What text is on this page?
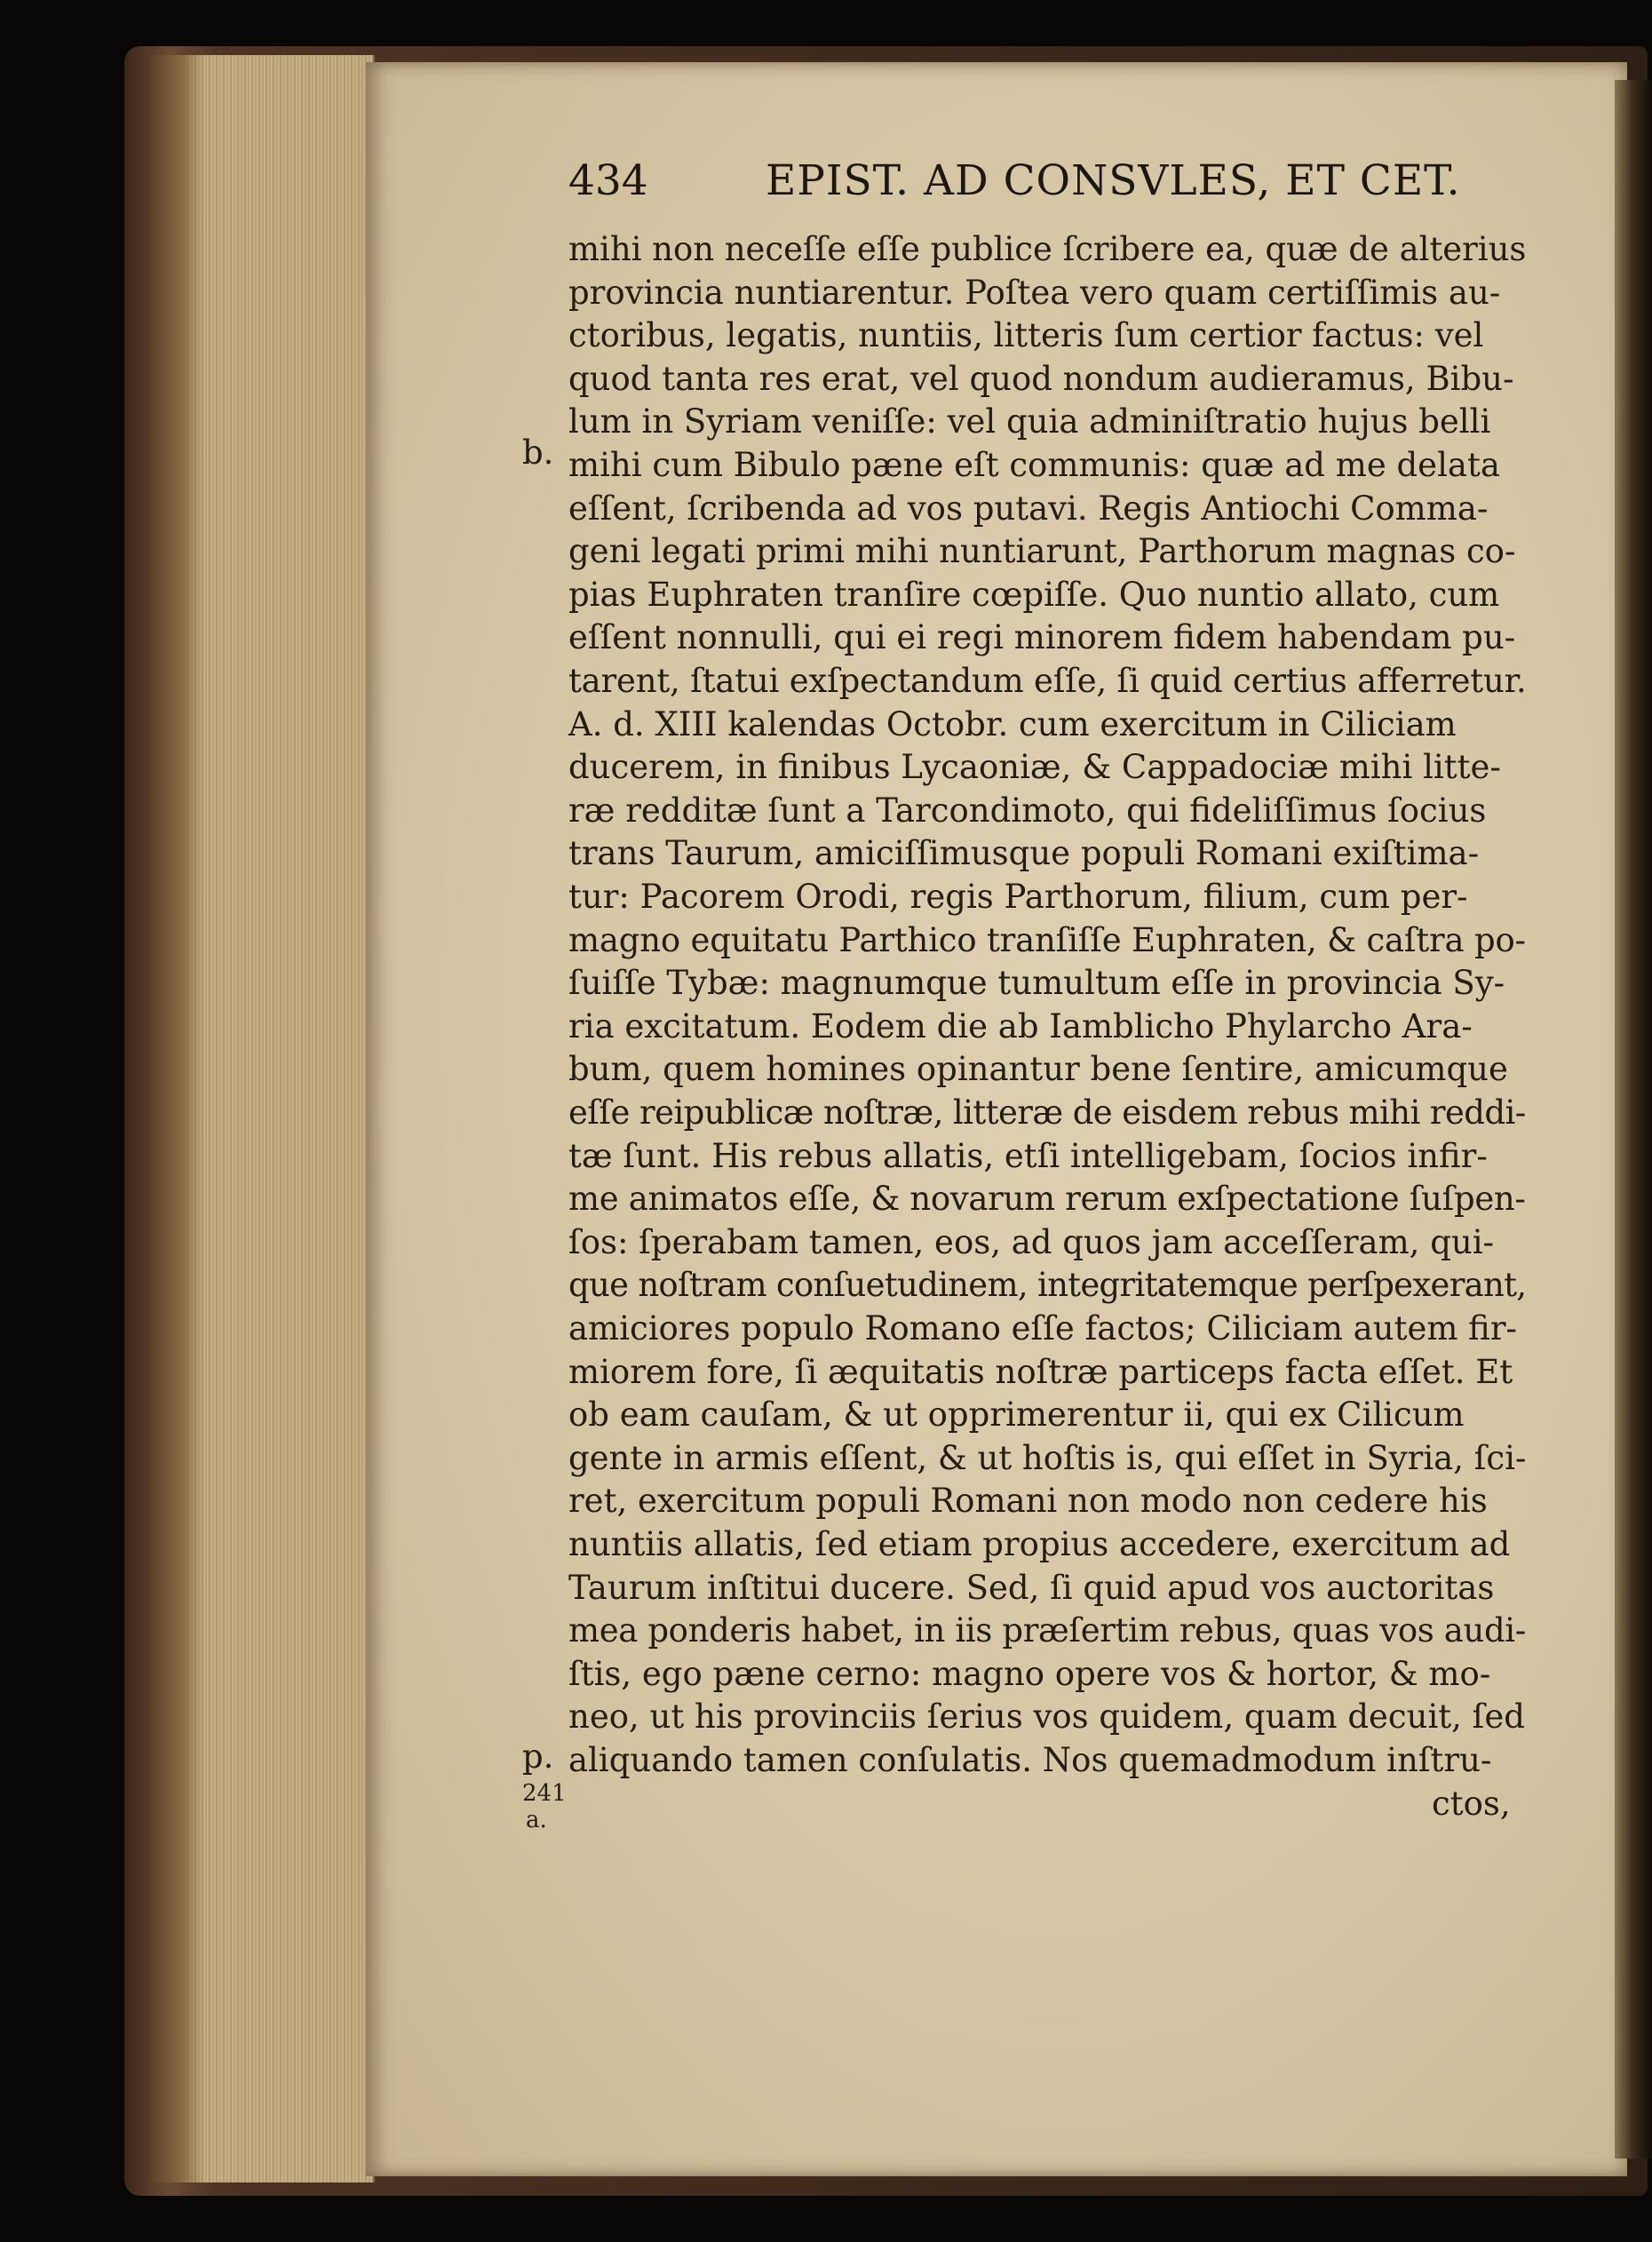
434	EPIST. AD CONSVLES, ET CET.
b.
p.
241
a.
mihi non neceſſe eſſe publice ſcribere ea, quæ de alterius
provincia nuntiarentur. Poſtea vero quam certiſſimis au-
ctoribus, legatis, nuntiis, litteris ſum certior factus: vel
quod tanta res erat, vel quod nondum audieramus, Bibu-
lum in Syriam veniſſe: vel quia adminiſtratio hujus belli
mihi cum Bibulo pæne eſt communis: quæ ad me delata
eſſent, ſcribenda ad vos putavi. Regis Antiochi Comma-
geni legati primi mihi nuntiarunt, Parthorum magnas co-
pias Euphraten tranſire cœpiſſe. Quo nuntio allato, cum
eſſent nonnulli, qui ei regi minorem fidem habendam pu-
tarent, ſtatui exſpectandum eſſe, ſi quid certius afferretur.
A. d. XIII kalendas Octobr. cum exercitum in Ciliciam
ducerem, in finibus Lycaoniæ, & Cappadociæ mihi litte-
ræ redditæ ſunt a Tarcondimoto, qui fideliſſimus ſocius
trans Taurum, amiciſſimusque populi Romani exiſtima-
tur: Pacorem Orodi, regis Parthorum, filium, cum per-
magno equitatu Parthico tranſiſſe Euphraten, & caſtra po-
ſuiſſe Tybæ: magnumque tumultum eſſe in provincia Sy-
ria excitatum. Eodem die ab Iamblicho Phylarcho Ara-
bum, quem homines opinantur bene ſentire, amicumque
eſſe reipublicæ noſtræ, litteræ de eisdem rebus mihi reddi-
tæ ſunt. His rebus allatis, etſi intelligebam, ſocios infir-
me animatos eſſe, & novarum rerum exſpectatione ſuſpen-
ſos: ſperabam tamen, eos, ad quos jam acceſſeram, qui-
que noſtram conſuetudinem, integritatemque perſpexerant,
amiciores populo Romano eſſe factos; Ciliciam autem fir-
miorem fore, ſi æquitatis noſtræ particeps facta eſſet. Et
ob eam cauſam, & ut opprimerentur ii, qui ex Cilicum
gente in armis eſſent, & ut hoſtis is, qui eſſet in Syria, ſci-
ret, exercitum populi Romani non modo non cedere his
nuntiis allatis, ſed etiam propius accedere, exercitum ad
Taurum inſtitui ducere. Sed, ſi quid apud vos auctoritas
mea ponderis habet, in iis præſertim rebus, quas vos audi-
ſtis, ego pæne cerno: magno opere vos & hortor, & mo-
neo, ut his provinciis ſerius vos quidem, quam decuit, ſed
aliquando tamen conſulatis. Nos quemadmodum inſtru-
ctos,
